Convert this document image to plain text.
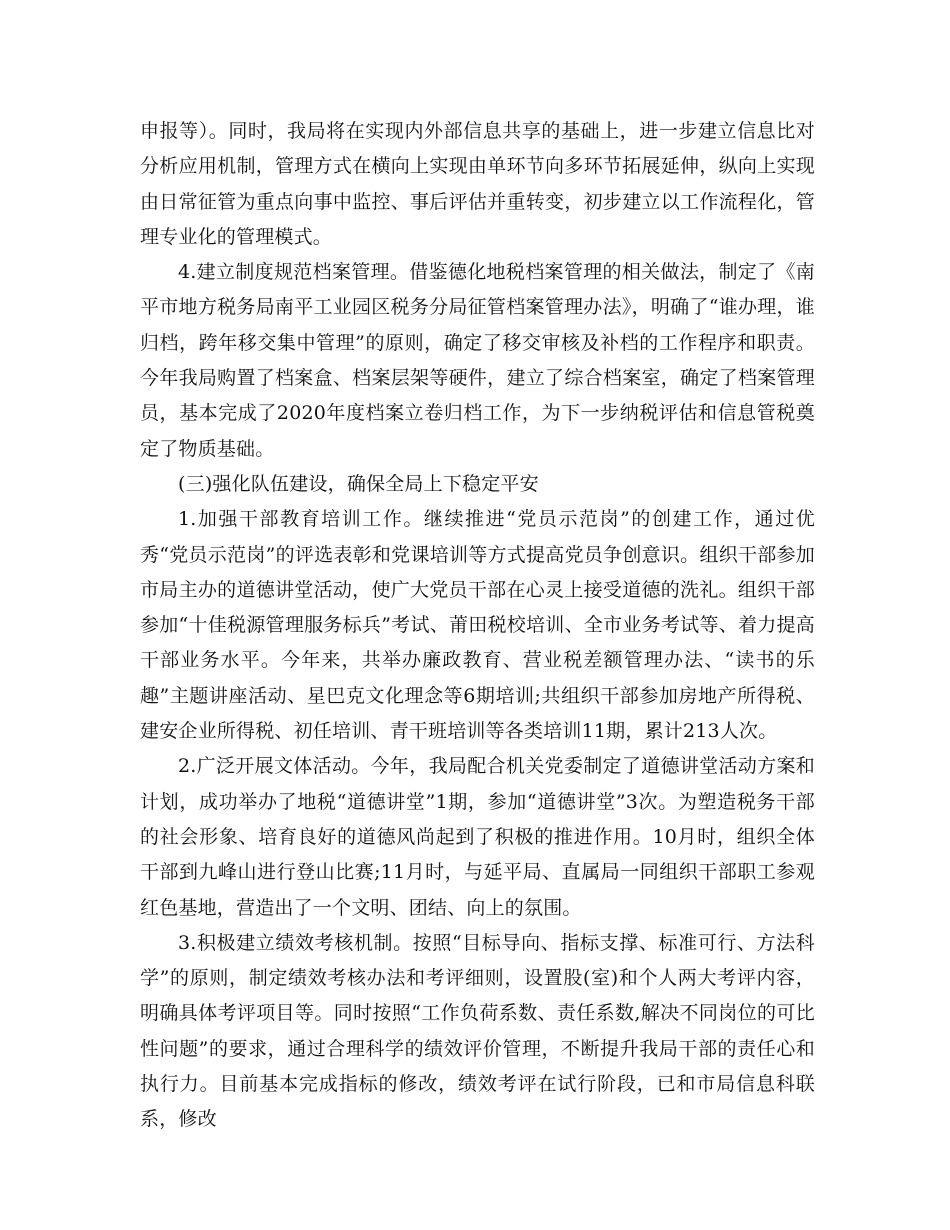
申报等）。同时，我局将在实现内外部信息共享的基础上，进一步建立信息比对分析应用机制，管理方式在横向上实现由单环节向多环节拓展延伸，纵向上实现由日常征管为重点向事中监控、事后评估并重转变，初步建立以工作流程化，管理专业化的管理模式。

4.建立制度规范档案管理。借鉴德化地税档案管理的相关做法，制定了《南平市地方税务局南平工业园区税务分局征管档案管理办法》，明确了“谁办理，谁归档，跨年移交集中管理”的原则，确定了移交审核及补档的工作程序和职责。今年我局购置了档案盒、档案层架等硬件，建立了综合档案室，确定了档案管理员，基本完成了2020年度档案立卷归档工作，为下一步纳税评估和信息管税奠定了物质基础。

(三)强化队伍建设，确保全局上下稳定平安

1.加强干部教育培训工作。继续推进“党员示范岗”的创建工作，通过优秀“党员示范岗”的评选表彰和党课培训等方式提高党员争创意识。组织干部参加市局主办的道德讲堂活动，使广大党员干部在心灵上接受道德的洗礼。组织干部参加“十佳税源管理服务标兵”考试、莆田税校培训、全市业务考试等、着力提高干部业务水平。今年来，共举办廉政教育、营业税差额管理办法、“读书的乐趣”主题讲座活动、星巴克文化理念等6期培训;共组织干部参加房地产所得税、建安企业所得税、初任培训、青干班培训等各类培训11期，累计213人次。

2.广泛开展文体活动。今年，我局配合机关党委制定了道德讲堂活动方案和计划，成功举办了地税“道德讲堂”1期，参加“道德讲堂”3次。为塑造税务干部的社会形象、培育良好的道德风尚起到了积极的推进作用。10月时，组织全体干部到九峰山进行登山比赛;11月时，与延平局、直属局一同组织干部职工参观红色基地，营造出了一个文明、团结、向上的氛围。

3.积极建立绩效考核机制。按照“目标导向、指标支撑、标准可行、方法科学”的原则，制定绩效考核办法和考评细则，设置股(室)和个人两大考评内容，明确具体考评项目等。同时按照“工作负荷系数、责任系数,解决不同岗位的可比性问题”的要求，通过合理科学的绩效评价管理，不断提升我局干部的责任心和执行力。目前基本完成指标的修改，绩效考评在试行阶段，已和市局信息科联系，修改
